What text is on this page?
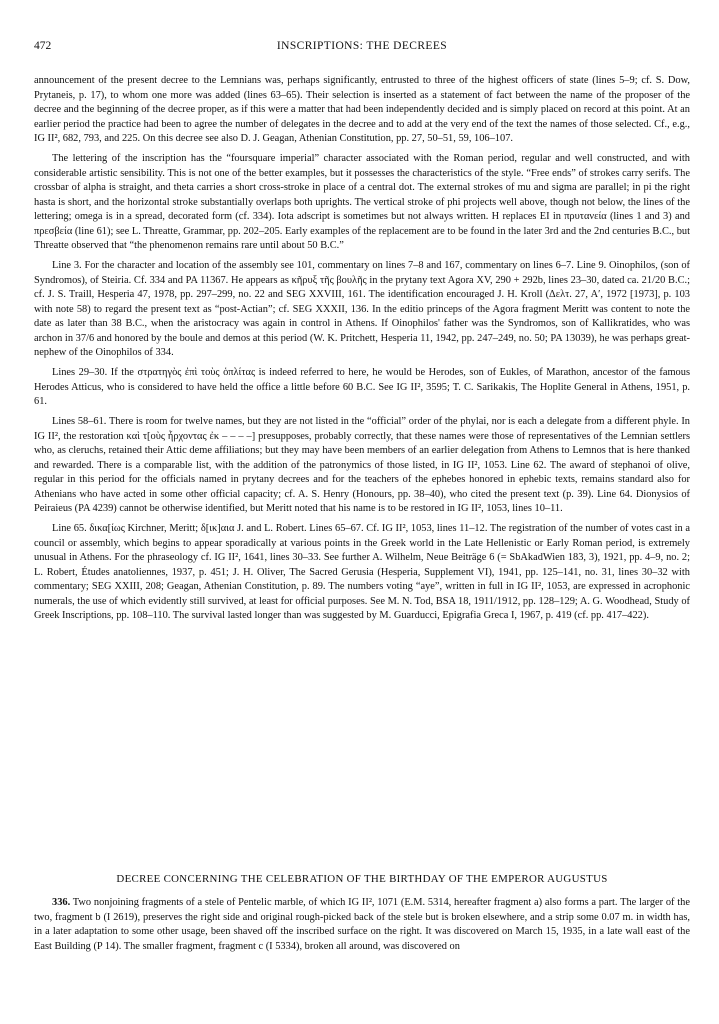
472	INSCRIPTIONS: THE DECREES

announcement of the present decree to the Lemnians was, perhaps significantly, entrusted to three of the highest officers of state (lines 5–9; cf. S. Dow, Prytaneis, p. 17), to whom one more was added (lines 63–65). Their selection is inserted as a statement of fact between the name of the proposer of the decree and the beginning of the decree proper, as if this were a matter that had been independently decided and is simply placed on record at this point. At an earlier period the practice had been to agree the number of delegates in the decree and to add at the very end of the text the names of those selected. Cf., e.g., IG II², 682, 793, and 225. On this decree see also D. J. Geagan, Athenian Constitution, pp. 27, 50–51, 59, 106–107.

The lettering of the inscription has the “foursquare imperial” character associated with the Roman period, regular and well constructed, and with considerable artistic sensibility. This is not one of the better examples, but it possesses the characteristics of the style. “Free ends” of strokes carry serifs. The crossbar of alpha is straight, and theta carries a short cross-stroke in place of a central dot. The external strokes of mu and sigma are parallel; in pi the right hasta is short, and the horizontal stroke substantially overlaps both uprights. The vertical stroke of phi projects well above, though not below, the lines of the lettering; omega is in a spread, decorated form (cf. 334). Iota adscript is sometimes but not always written. H replaces EI in πρυτανεία (lines 1 and 3) and πρεσβεία (line 61); see L. Threatte, Grammar, pp. 202–205. Early examples of the replacement are to be found in the later 3rd and the 2nd centuries B.C., but Threatte observed that “the phenomenon remains rare until about 50 B.C.”

Line 3. For the character and location of the assembly see 101, commentary on lines 7–8 and 167, commentary on lines 6–7. Line 9. Oinophilos, (son of Syndromos), of Steiria. Cf. 334 and PA 11367. He appears as κῆρυξ τῆς βουλῆς in the prytany text Agora XV, 290 + 292b, lines 23–30, dated ca. 21/20 B.C.; cf. J. S. Traill, Hesperia 47, 1978, pp. 297–299, no. 22 and SEG XXVIII, 161. The identification encouraged J. H. Kroll (Δελτ. 27, Α′, 1972 [1973], p. 103 with note 58) to regard the present text as “post-Actian”; cf. SEG XXXII, 136. In the editio princeps of the Agora fragment Meritt was content to note the date as later than 38 B.C., when the aristocracy was again in control in Athens. If Oinophilos' father was the Syndromos, son of Kallikratides, who was archon in 37/6 and honored by the boule and demos at this period (W. K. Pritchett, Hesperia 11, 1942, pp. 247–249, no. 50; PA 13039), he was perhaps great-nephew of the Oinophilos of 334.

Lines 29–30. If the στρατηγὸς ἐπὶ τοὺς ὁπλίτας is indeed referred to here, he would be Herodes, son of Eukles, of Marathon, ancestor of the famous Herodes Atticus, who is considered to have held the office a little before 60 B.C. See IG II², 3595; T. C. Sarikakis, The Hoplite General in Athens, 1951, p. 61.

Lines 58–61. There is room for twelve names, but they are not listed in the “official” order of the phylai, nor is each a delegate from a different phyle. In IG II², the restoration καὶ τ[οὺς ἦρχοντας ἐκ – – – –] presupposes, probably correctly, that these names were those of representatives of the Lemnian settlers who, as cleruchs, retained their Attic deme affiliations; but they may have been members of an earlier delegation from Athens to Lemnos that is here thanked and rewarded. There is a comparable list, with the addition of the patronymics of those listed, in IG II², 1053. Line 62. The award of stephanoi of olive, regular in this period for the officials named in prytany decrees and for the teachers of the ephebes honored in ephebic texts, remains standard also for Athenians who have acted in some other official capacity; cf. A. S. Henry (Honours, pp. 38–40), who cited the present text (p. 39). Line 64. Dionysios of Peiraieus (PA 4239) cannot be otherwise identified, but Meritt noted that his name is to be restored in IG II², 1053, lines 10–11.

Line 65. δικα[ίως Kirchner, Meritt; δ[ικ]αια J. and L. Robert. Lines 65–67. Cf. IG II², 1053, lines 11–12. The registration of the number of votes cast in a council or assembly, which begins to appear sporadically at various points in the Greek world in the Late Hellenistic or Early Roman period, is extremely unusual in Athens. For the phraseology cf. IG II², 1641, lines 30–33. See further A. Wilhelm, Neue Beiträge 6 (= SbAkadWien 183, 3), 1921, pp. 4–9, no. 2; L. Robert, Études anatoliennes, 1937, p. 451; J. H. Oliver, The Sacred Gerusia (Hesperia, Supplement VI), 1941, pp. 125–141, no. 31, lines 30–32 with commentary; SEG XXIII, 208; Geagan, Athenian Constitution, p. 89. The numbers voting “aye”, written in full in IG II², 1053, are expressed in acrophonic numerals, the use of which evidently still survived, at least for official purposes. See M. N. Tod, BSA 18, 1911/1912, pp. 128–129; A. G. Woodhead, Study of Greek Inscriptions, pp. 108–110. The survival lasted longer than was suggested by M. Guarducci, Epigrafia Greca I, 1967, p. 419 (cf. pp. 417–422).

DECREE CONCERNING THE CELEBRATION OF THE BIRTHDAY OF THE EMPEROR AUGUSTUS

336. Two nonjoining fragments of a stele of Pentelic marble, of which IG II², 1071 (E.M. 5314, hereafter fragment a) also forms a part. The larger of the two, fragment b (I 2619), preserves the right side and original rough-picked back of the stele but is broken elsewhere, and a strip some 0.07 m. in width has, in a later adaptation to some other usage, been shaved off the inscribed surface on the right. It was discovered on March 15, 1935, in a late wall east of the East Building (P 14). The smaller fragment, fragment c (I 5334), broken all around, was discovered on
